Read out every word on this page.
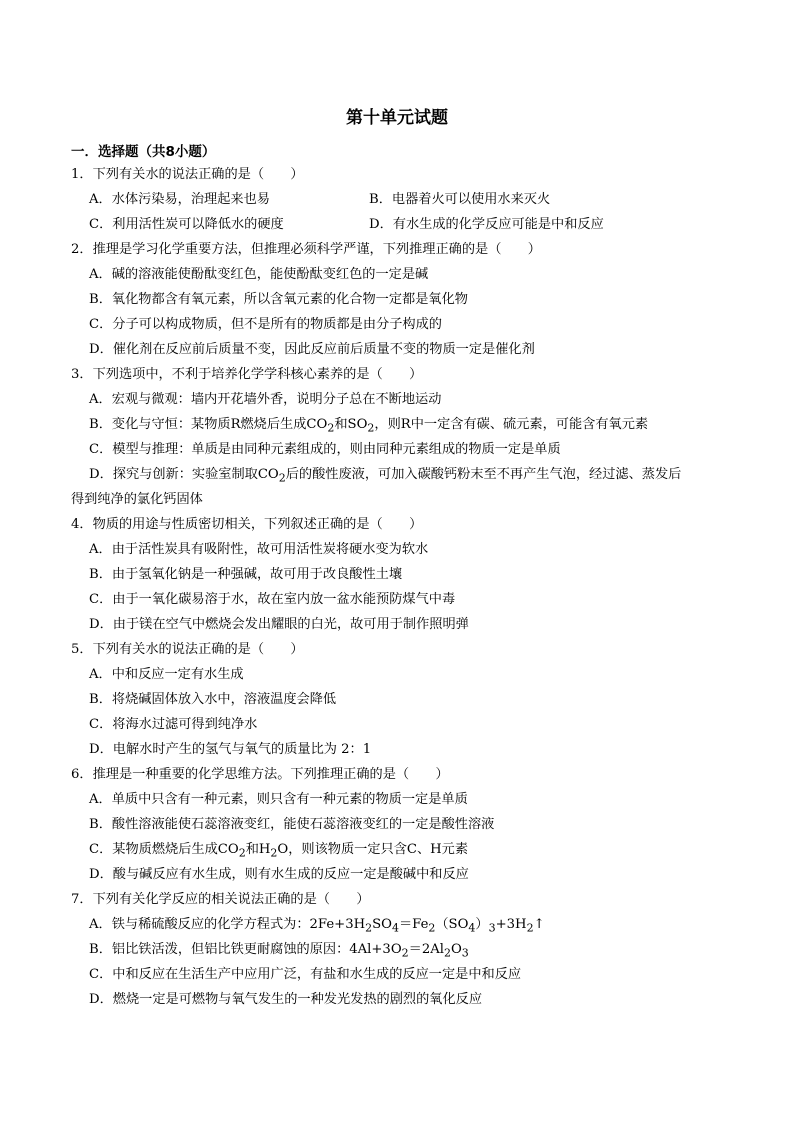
第十单元试题
一．选择题（共8小题）
1．下列有关水的说法正确的是（　　）
A．水体污染易，治理起来也易	B．电器着火可以使用水来灭火
C．利用活性炭可以降低水的硬度	D．有水生成的化学反应可能是中和反应
2．推理是学习化学重要方法，但推理必须科学严谨，下列推理正确的是（　　）
A．碱的溶液能使酚酞变红色，能使酚酞变红色的一定是碱
B．氧化物都含有氧元素，所以含氧元素的化合物一定都是氧化物
C．分子可以构成物质，但不是所有的物质都是由分子构成的
D．催化剂在反应前后质量不变，因此反应前后质量不变的物质一定是催化剂
3．下列选项中，不利于培养化学学科核心素养的是（　　）
A．宏观与微观：墙内开花墙外香，说明分子总在不断地运动
B．变化与守恒：某物质R燃烧后生成$CO_2$和$SO_2$，则R中一定含有碳、硫元素，可能含有氧元素
C．模型与推理：单质是由同种元素组成的，则由同种元素组成的物质一定是单质
D．探究与创新：实验室制取$CO_2$后的酸性废液，可加入碳酸钙粉末至不再产生气泡，经过滤、蒸发后
得到纯净的氯化钙固体
4．物质的用途与性质密切相关，下列叙述正确的是（　　）
A．由于活性炭具有吸附性，故可用活性炭将硬水变为软水
B．由于氢氧化钠是一种强碱，故可用于改良酸性土壤
C．由于一氧化碳易溶于水，故在室内放一盆水能预防煤气中毒
D．由于镁在空气中燃烧会发出耀眼的白光，故可用于制作照明弹
5．下列有关水的说法正确的是（　　）
A．中和反应一定有水生成
B．将烧碱固体放入水中，溶液温度会降低
C．将海水过滤可得到纯净水
D．电解水时产生的氢气与氧气的质量比为 2：1
6．推理是一种重要的化学思维方法。下列推理正确的是（　　）
A．单质中只含有一种元素，则只含有一种元素的物质一定是单质
B．酸性溶液能使石蕊溶液变红，能使石蕊溶液变红的一定是酸性溶液
C．某物质燃烧后生成$CO_2$和$H_2O$，则该物质一定只含C、H元素
D．酸与碱反应有水生成，则有水生成的反应一定是酸碱中和反应
7．下列有关化学反应的相关说法正确的是（　　）
A．铁与稀硫酸反应的化学方程式为：$2Fe+3H_2SO_4=Fe_2(SO_4)_3+3H_2↑$
B．铝比铁活泼，但铝比铁更耐腐蚀的原因：$4Al+3O_2=2Al_2O_3$
C．中和反应在生活生产中应用广泛，有盐和水生成的反应一定是中和反应
D．燃烧一定是可燃物与氧气发生的一种发光发热的剧烈的氧化反应
